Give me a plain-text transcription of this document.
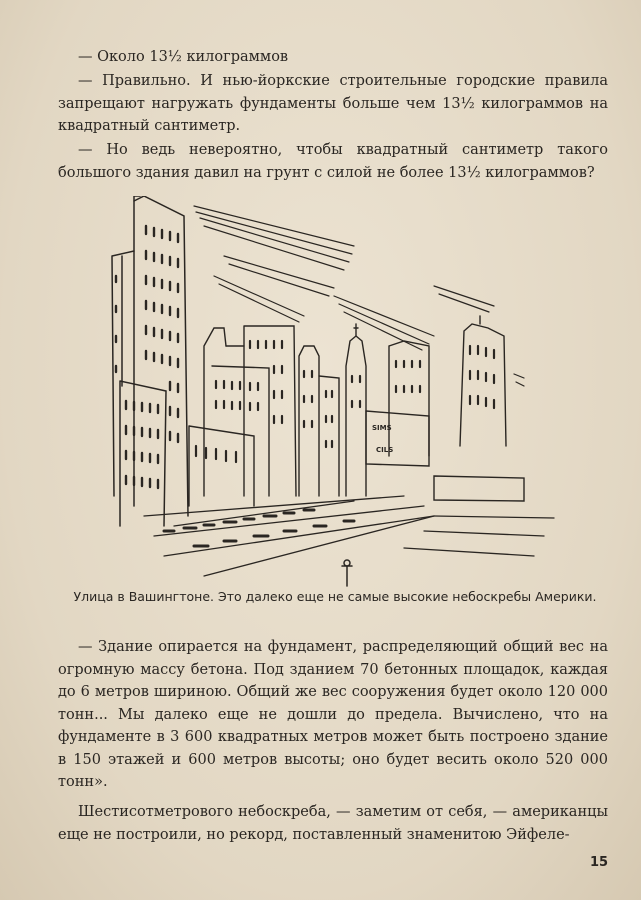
— Около 13½ килограммов

— Правильно. И нью-йоркские строительные городские правила запрещают нагружать фундаменты больше чем 13½ килограммов на квадратный сантиметр.

— Но ведь невероятно, чтобы квадратный сантиметр такого большого здания давил на грунт с силой не более 13½ килограммов?

SIMS
CILS

Улица в Вашингтоне. Это далеко еще не самые высокие небоскребы Америки.

— Здание опирается на фундамент, распределяющий общий вес на огромную массу бетона. Под зданием 70 бетонных площадок, каждая до 6 метров шириною. Общий же вес сооружения будет около 120 000 тонн... Мы далеко еще не дошли до предела. Вычислено, что на фундаменте в 3 600 квадратных метров может быть построено здание в 150 этажей и 600 метров высоты; оно будет весить около 520 000 тонн».

Шестисотметрового небоскреба, — заметим от себя, — американцы еще не построили, но рекорд, поставленный знаменитою Эйфеле-

15
